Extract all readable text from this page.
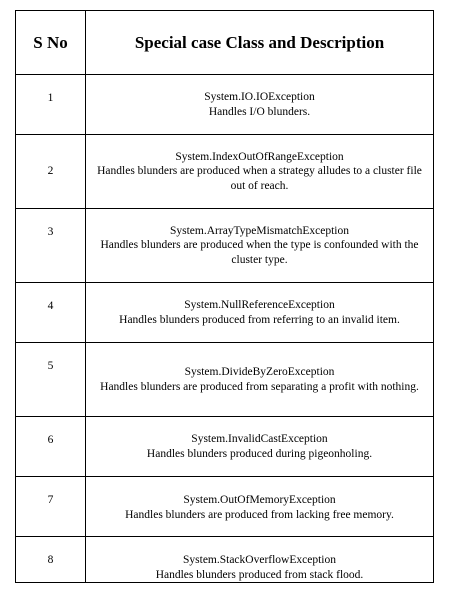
S No	Special case Class and Description
1	System.IO.IOException
Handles I/O blunders.

2	System.IndexOutOfRangeException
Handles blunders are produced when a strategy alludes to a cluster file out of reach.

3	System.ArrayTypeMismatchException
Handles blunders are produced when the type is confounded with the cluster type.

4	System.NullReferenceException
Handles blunders produced from referring to an invalid item.

5	System.DivideByZeroException
Handles blunders are produced from separating a profit with nothing.

6	System.InvalidCastException
Handles blunders produced during pigeonholing.

7	System.OutOfMemoryException
Handles blunders are produced from lacking free memory.

8	System.StackOverflowException
Handles blunders produced from stack flood.
